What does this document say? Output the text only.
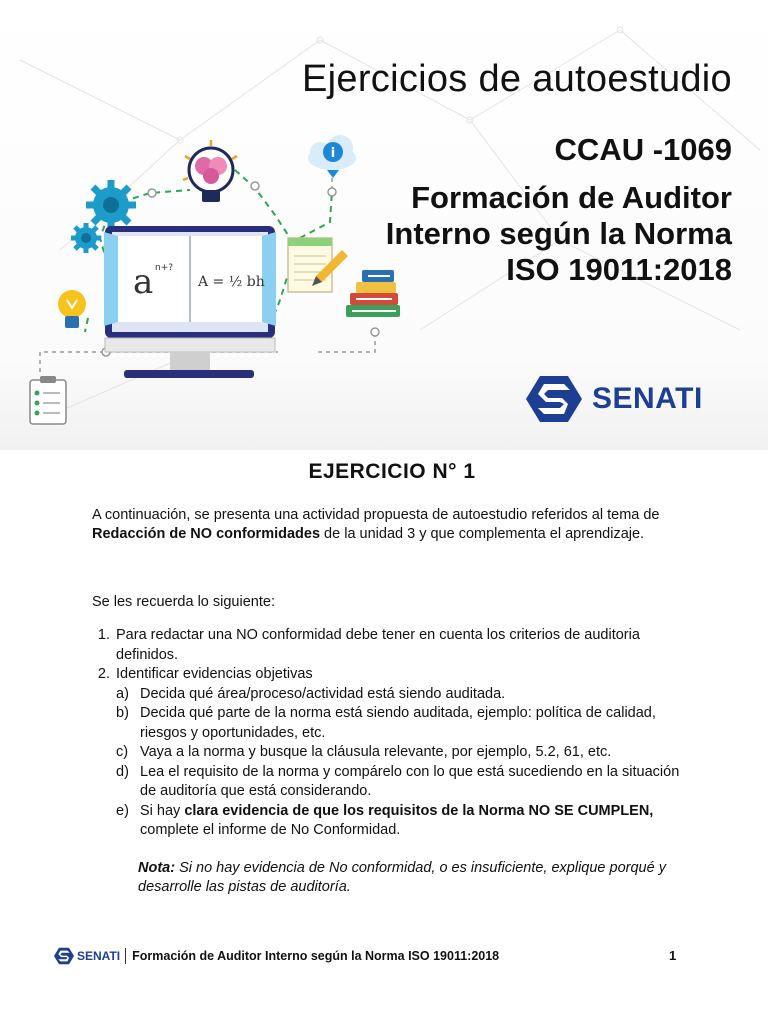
i
a n+?
A = ½ bh
Ejercicios de autoestudio
CCAU -1069
Formación de Auditor
Interno según la Norma
ISO 19011:2018
SENATI
EJERCICIO N° 1

A continuación, se presenta una actividad propuesta de autoestudio referidos al tema de Redacción de NO conformidades de la unidad 3 y que complementa el aprendizaje.

Se les recuerda lo siguiente:

1. Para redactar una NO conformidad debe tener en cuenta los criterios de auditoria definidos.
2. Identificar evidencias objetivas
a) Decida qué área/proceso/actividad está siendo auditada.
b) Decida qué parte de la norma está siendo auditada, ejemplo: política de calidad, riesgos y oportunidades, etc.
c) Vaya a la norma y busque la cláusula relevante, por ejemplo, 5.2, 61, etc.
d) Lea el requisito de la norma y compárelo con lo que está sucediendo en la situación de auditoría que está considerando.
e) Si hay clara evidencia de que los requisitos de la Norma NO SE CUMPLEN, complete el informe de No Conformidad.

Nota: Si no hay evidencia de No conformidad, o es insuficiente, explique porqué y desarrolle las pistas de auditoría.

SENATI Formación de Auditor Interno según la Norma ISO 19011:2018	1
